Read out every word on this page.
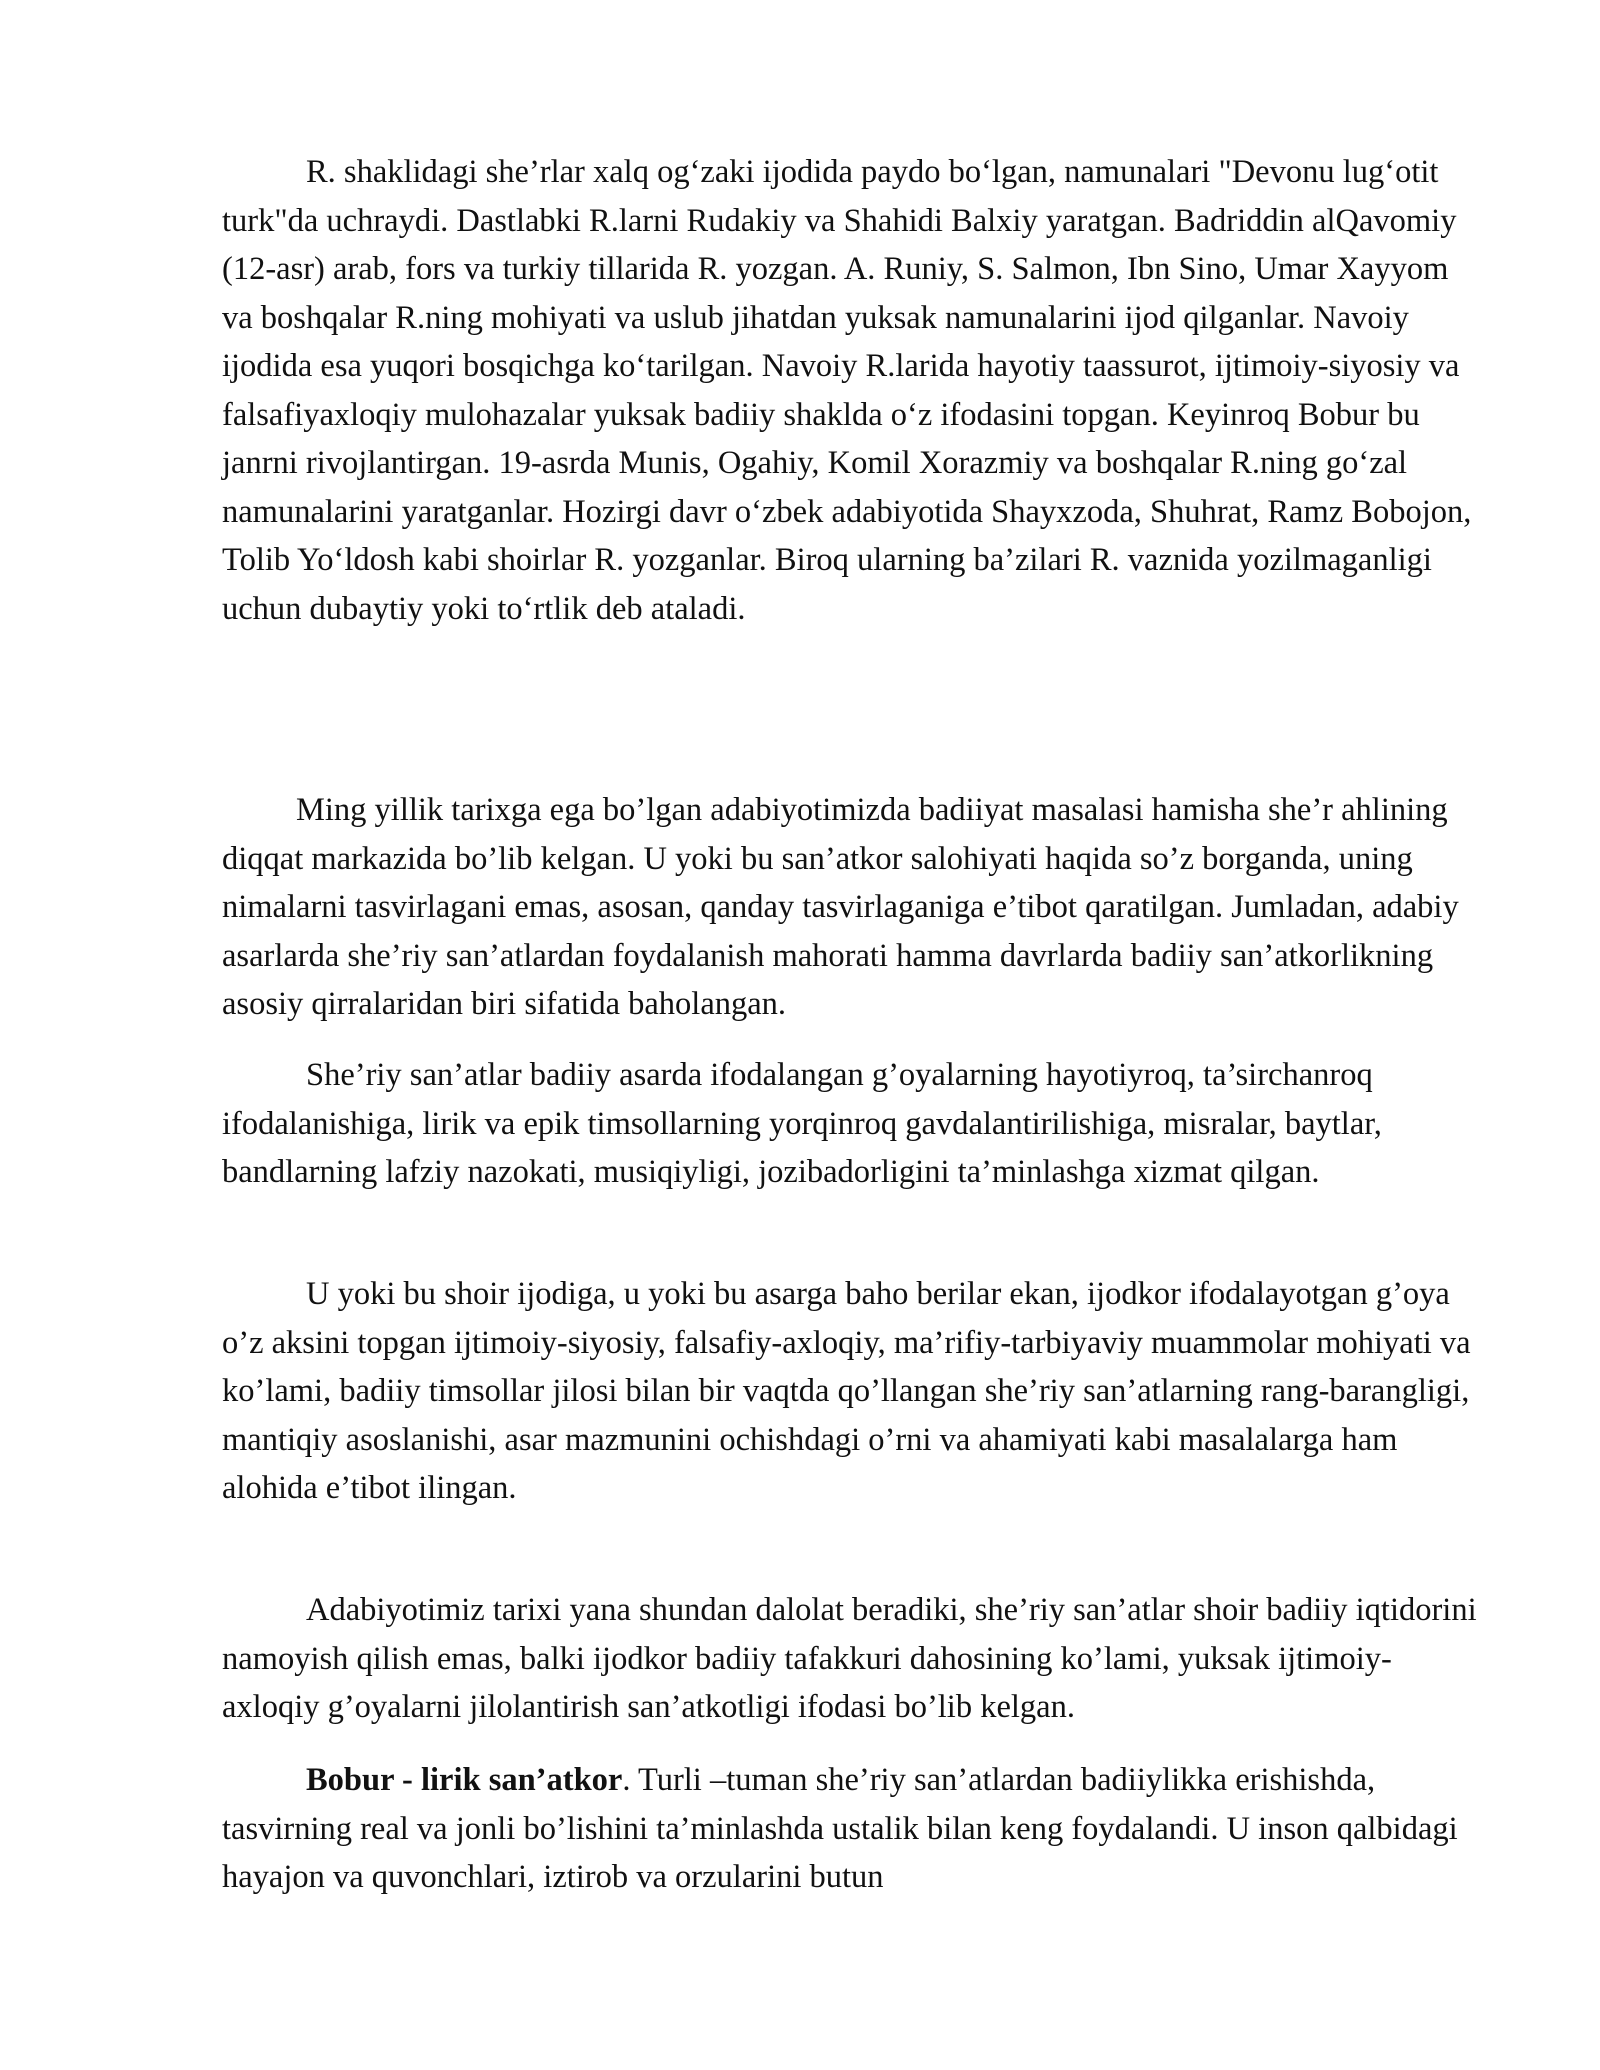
R. shaklidagi she’rlar xalq og‘zaki ijodida paydo bo‘lgan, namunalari "Devonu lug‘otit turk"da uchraydi. Dastlabki R.larni Rudakiy va Shahidi Balxiy yaratgan. Badriddin alQavomiy (12-asr) arab, fors va turkiy tillarida R. yozgan. A. Runiy, S. Salmon, Ibn Sino, Umar Xayyom va boshqalar R.ning mohiyati va uslub jihatdan yuksak namunalarini ijod qilganlar. Navoiy ijodida esa yuqori bosqichga ko‘tarilgan. Navoiy R.larida hayotiy taassurot, ijtimoiy-siyosiy va falsafiyaxloqiy mulohazalar yuksak badiiy shaklda o‘z ifodasini topgan. Keyinroq Bobur bu janrni rivojlantirgan. 19-asrda Munis, Ogahiy, Komil Xorazmiy va boshqalar R.ning go‘zal namunalarini yaratganlar. Hozirgi davr o‘zbek adabiyotida Shayxzoda, Shuhrat, Ramz Bobojon, Tolib Yo‘ldosh kabi shoirlar R. yozganlar. Biroq ularning ba’zilari R. vaznida yozilmaganligi uchun dubaytiy yoki to‘rtlik deb ataladi.

Ming yillik tarixga ega bo’lgan adabiyotimizda badiiyat masalasi hamisha she’r ahlining diqqat markazida bo’lib kelgan. U yoki bu san’atkor salohiyati haqida so’z borganda, uning nimalarni tasvirlagani emas, asosan, qanday tasvirlaganiga e’tibot qaratilgan. Jumladan, adabiy asarlarda she’riy san’atlardan foydalanish mahorati hamma davrlarda badiiy san’atkorlikning asosiy qirralaridan biri sifatida baholangan.

She’riy san’atlar badiiy asarda ifodalangan g’oyalarning hayotiyroq, ta’sirchanroq ifodalanishiga, lirik va epik timsollarning yorqinroq gavdalantirilishiga, misralar, baytlar, bandlarning lafziy nazokati, musiqiyligi, jozibadorligini ta’minlashga xizmat qilgan.

U yoki bu shoir ijodiga, u yoki bu asarga baho berilar ekan, ijodkor ifodalayotgan g’oya o’z aksini topgan ijtimoiy-siyosiy, falsafiy-axloqiy, ma’rifiy-tarbiyaviy muammolar mohiyati va ko’lami, badiiy timsollar jilosi bilan bir vaqtda qo’llangan she’riy san’atlarning rang-barangligi, mantiqiy asoslanishi, asar mazmunini ochishdagi o’rni va ahamiyati kabi masalalarga ham alohida e’tibot ilingan.

Adabiyotimiz tarixi yana shundan dalolat beradiki, she’riy san’atlar shoir badiiy iqtidorini namoyish qilish emas, balki ijodkor badiiy tafakkuri dahosining ko’lami, yuksak ijtimoiy-axloqiy g’oyalarni jilolantirish san’atkotligi ifodasi bo’lib kelgan.

Bobur - lirik san’atkor. Turli –tuman she’riy san’atlardan badiiylikka erishishda, tasvirning real va jonli bo’lishini ta’minlashda ustalik bilan keng foydalandi. U inson qalbidagi hayajon va quvonchlari, iztirob va orzularini butun
